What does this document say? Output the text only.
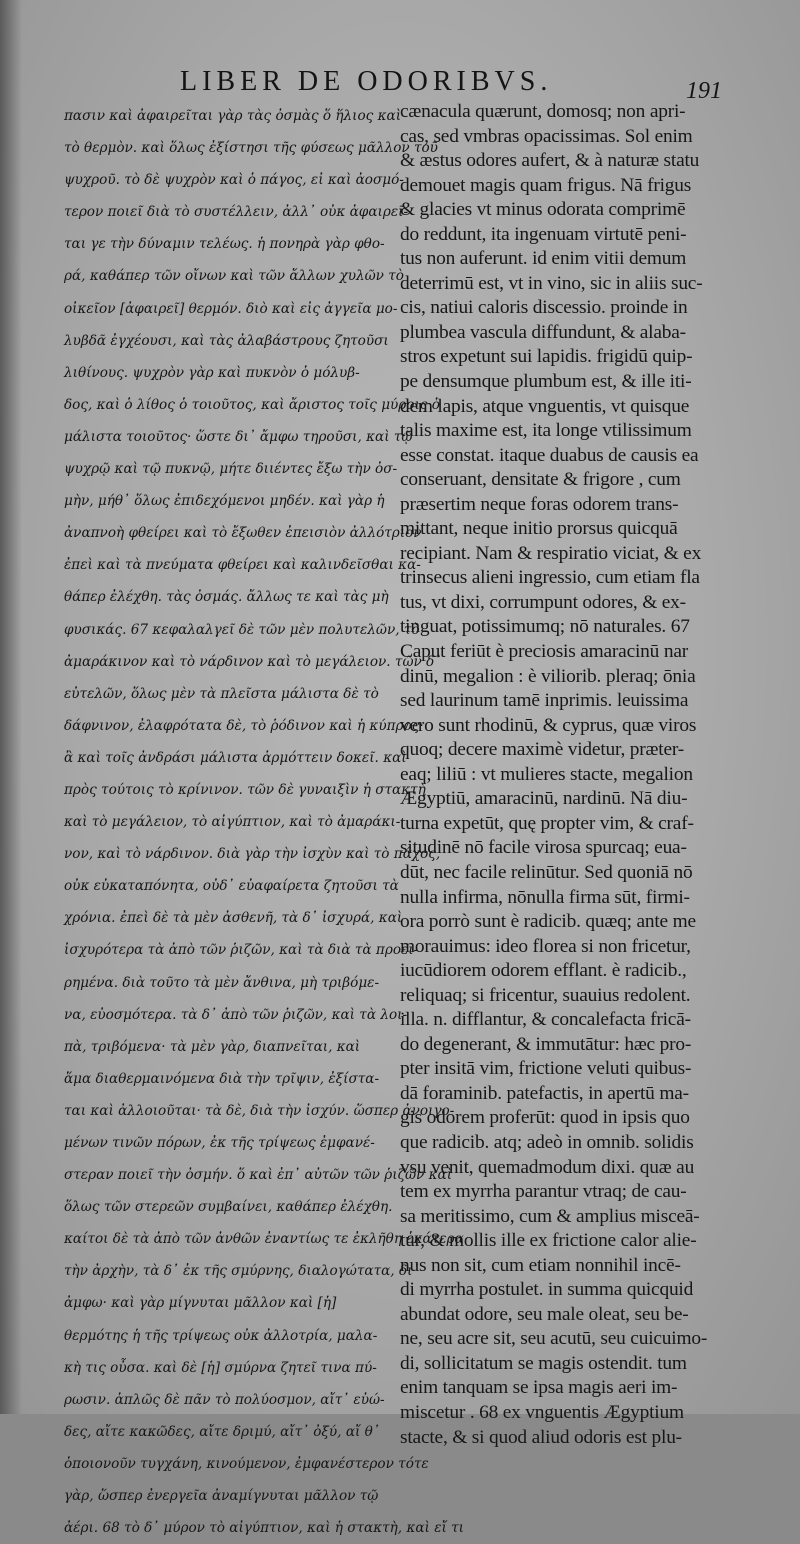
LIBER DE ODORIBVS.	191
πασιν καὶ ἀφαιρεῖται γὰρ τὰς ὀσμὰς ὅ ἥλιος καὶ
τὸ θερμὸν. καὶ ὅλως ἐξίστησι τῆς φύσεως μᾶλλον τοῦ
ψυχροῦ. τὸ δὲ ψυχρὸν καὶ ὁ πάγος, εἰ καὶ ἀοσμό-
τερον ποιεῖ διὰ τὸ συστέλλειν, ἀλλ᾽ οὐκ ἀφαιρεῖ-
ται γε τὴν δύναμιν τελέως. ἡ πονηρὰ γὰρ φθο-
ρά, καθάπερ τῶν οἴνων καὶ τῶν ἄλλων χυλῶν τὸ
οἰκεῖον [ἀφαιρεῖ] θερμόν. διὸ καὶ εἰς ἀγγεῖα μο-
λυβδᾶ ἐγχέουσι, καὶ τὰς ἀλαβάστρους ζητοῦσι
λιθίνους. ψυχρὸν γὰρ καὶ πυκνὸν ὁ μόλυβ-
δος, καὶ ὁ λίθος ὁ τοιοῦτος, καὶ ἄριστος τοῖς μύροις ὁ
μάλιστα τοιοῦτος· ὥστε δι᾽ ἄμφω τηροῦσι, καὶ τῷ
ψυχρῷ καὶ τῷ πυκνῷ, μήτε διιέντες ἔξω τὴν ὀσ-
μὴν, μήθ᾽ ὅλως ἐπιδεχόμενοι μηδέν. καὶ γὰρ ἡ
ἀναπνοὴ φθείρει καὶ τὸ ἔξωθεν ἐπεισιὸν ἀλλότριον
ἐπεὶ καὶ τὰ πνεύματα φθείρει καὶ καλινδεῖσθαι κα-
θάπερ ἐλέχθη. τὰς ὀσμάς. ἄλλως τε καὶ τὰς μὴ
φυσικάς. 67 κεφαλαλγεῖ δὲ τῶν μὲν πολυτελῶν, τὸ
ἀμαράκινον καὶ τὸ νάρδινον καὶ τὸ μεγάλειον. τῶν δ᾽
εὐτελῶν, ὅλως μὲν τὰ πλεῖστα μάλιστα δὲ τὸ
δάφνινον, ἐλαφρότατα δὲ, τὸ ῥόδινον καὶ ἡ κύπρος·
ἃ καὶ τοῖς ἀνδράσι μάλιστα ἁρμόττειν δοκεῖ. καὶ
πρὸς τούτοις τὸ κρίνινον. τῶν δὲ γυναιξὶν ἡ στακτὴ
καὶ τὸ μεγάλειον, τὸ αἰγύπτιον, καὶ τὸ ἀμαράκι-
νον, καὶ τὸ νάρδινον. διὰ γὰρ τὴν ἰσχὺν καὶ τὸ πάχος,
οὐκ εὐκαταπόνητα, οὐδ᾽ εὐαφαίρετα ζητοῦσι τὰ
χρόνια. ἐπεὶ δὲ τὰ μὲν ἀσθενῆ, τὰ δ᾽ ἰσχυρά, καὶ
ἰσχυρότερα τὰ ἀπὸ τῶν ῥιζῶν, καὶ τὰ διὰ τὰ προει-
ρημένα. διὰ τοῦτο τὰ μὲν ἄνθινα, μὴ τριβόμε-
να, εὐοσμότερα. τὰ δ᾽ ἀπὸ τῶν ῥιζῶν, καὶ τὰ λοι-
πὰ, τριβόμενα· τὰ μὲν γὰρ, διαπνεῖται, καὶ
ἅμα διαθερμαινόμενα διὰ τὴν τρῖψιν, ἐξίστα-
ται καὶ ἀλλοιοῦται· τὰ δὲ, διὰ τὴν ἰσχύν. ὥσπερ ἀνοιγο-
μένων τινῶν πόρων, ἐκ τῆς τρίψεως ἐμφανέ-
στεραν ποιεῖ τὴν ὀσμήν. ὅ καὶ ἐπ᾽ αὐτῶν τῶν ῥιζῶν καὶ
ὅλως τῶν στερεῶν συμβαίνει, καθάπερ ἐλέχθη.
καίτοι δὲ τὰ ἀπὸ τῶν ἀνθῶν ἐναντίως τε ἐκλῆθη ἑκάτερα
τὴν ἀρχὴν, τὰ δ᾽ ἐκ τῆς σμύρνης, διαλογώτατα, δι᾽
ἀμφω· καὶ γὰρ μίγνυται μᾶλλον καὶ [ἡ]
θερμότης ἡ τῆς τρίψεως οὐκ ἀλλοτρία, μαλα-
κὴ τις οὖσα. καὶ δὲ [ἡ] σμύρνα ζητεῖ τινα πύ-
ρωσιν. ἁπλῶς δὲ πᾶν τὸ πολύοσμον, αἴτ᾽ εὐώ-
δες, αἴτε κακῶδες, αἴτε δριμύ, αἴτ᾽ ὀξύ, αἴ θ᾽
ὁποιονοῦν τυγχάνη, κινούμενον, ἐμφανέστερον τότε
γὰρ, ὥσπερ ἐνεργεῖα ἀναμίγνυται μᾶλλον τῷ
ἀέρι. 68 τὸ δ᾽ μύρον τὸ αἰγύπτιον, καὶ ἡ στακτὴ, καὶ εἴ τι
cænacula quærunt, domosq; non apri-
cas, sed vmbras opacissimas. Sol enim
& æstus odores aufert, & à naturæ statu
demouet magis quam frigus. Nā frigus
& glacies vt minus odorata comprimē
do reddunt, ita ingenuam virtutē peni-
tus non auferunt. id enim vitii demum
deterrimū est, vt in vino, sic in aliis suc-
cis, natiui caloris discessio. proinde in
plumbea vascula diffundunt, & alaba-
stros expetunt sui lapidis. frigidū quip-
pe densumque plumbum est, & ille iti-
dem lapis, atque vnguentis, vt quisque
talis maxime est, ita longe vtilissimum
esse constat. itaque duabus de causis ea
conseruant, densitate & frigore , cum
præsertim neque foras odorem trans-
mittant, neque initio prorsus quicquā
recipiant. Nam & respiratio viciat, & ex
trinsecus alieni ingressio, cum etiam fla
tus, vt dixi, corrumpunt odores, & ex-
tinguat, potissimumq; nō naturales. 67
Caput feriūt è preciosis amaracinū nar
dinū, megalion : è viliorib. pleraq; ōnia
sed laurinum tamē inprimis. leuissima
vero sunt rhodinū, & cyprus, quæ viros
quoq; decere maximè videtur, præter-
eaq; liliū : vt mulieres stacte, megalion
Ægyptiū, amaracinū, nardinū. Nā diu-
turna expetūt, quę propter vim, & craf-
situdinē nō facile virosa spurcaq; eua-
dūt, nec facile relinūtur. Sed quoniā nō
nulla infirma, nōnulla firma sūt, firmi-
ora porrò sunt è radicib. quæq; ante me
morauimus: ideo florea si non fricetur,
iucūdiorem odorem efflant. è radicib.,
reliquaq; si fricentur, suauius redolent.
illa. n. difflantur, & concalefacta fricā-
do degenerant, & immutātur: hæc pro-
pter insitā vim, frictione veluti quibus-
dā foraminib. patefactis, in apertū ma-
gis odorem proferūt: quod in ipsis quo
que radicib. atq; adeò in omnib. solidis
vsu venit, quemadmodum dixi. quæ au
tem ex myrrha parantur vtraq; de cau-
sa meritissimo, cum & amplius misceā-
tur, & mollis ille ex frictione calor alie-
nus non sit, cum etiam nonnihil incē-
di myrrha postulet. in summa quicquid
abundat odore, seu male oleat, seu be-
ne, seu acre sit, seu acutū, seu cuicuimo-
di, sollicitatum se magis ostendit. tum
enim tanquam se ipsa magis aeri im-
miscetur . 68 ex vnguentis Ægyptium
stacte, & si quod aliud odoris est plu-
